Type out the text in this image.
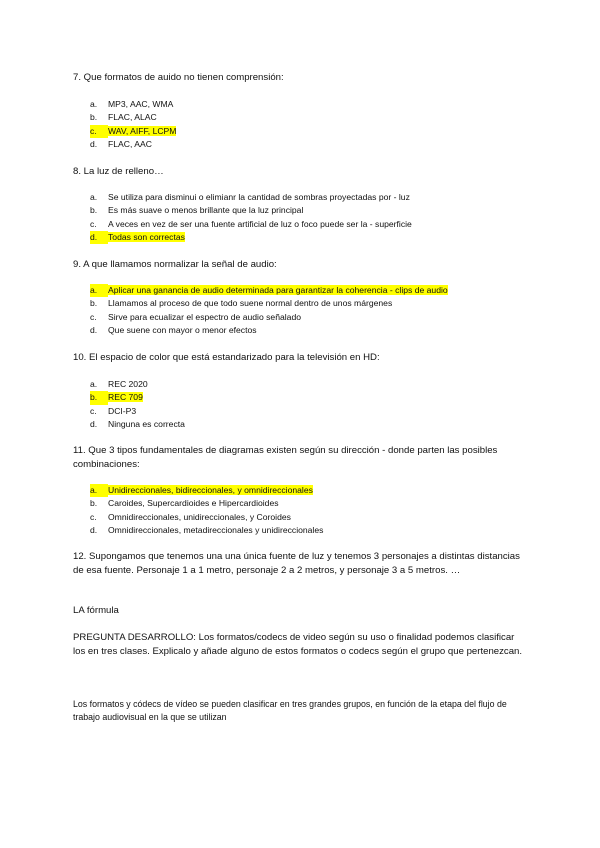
7. Que formatos de auido no tienen comprensión:
a. MP3, AAC, WMA
b. FLAC, ALAC
c. WAV, AIFF, LCPM
d. FLAC, AAC
8. La luz de relleno…
a. Se utiliza para disminui o elimianr la cantidad de sombras proyectadas por - luz
b. Es más suave o menos brillante que la luz principal
c. A veces en vez de ser una fuente artificial de luz o foco puede ser la - superficie
d. Todas son correctas
9. A que llamamos normalizar la señal de audio:
a. Aplicar una ganancia de audio determinada para garantizar la coherencia - clips de audio
b. Llamamos al proceso de que todo suene normal dentro de unos márgenes
c. Sirve para ecualizar el espectro de audio señalado
d. Que suene con mayor o menor efectos
10. El espacio de color que está estandarizado para la televisión en HD:
a. REC 2020
b. REC 709
c. DCI-P3
d. Ninguna es correcta
11. Que 3 tipos fundamentales de diagramas existen según su dirección - donde parten las posibles combinaciones:
a. Unidireccionales, bidireccionales, y omnidireccionales
b. Caroides, Supercardioides e Hipercardioides
c. Omnidireccionales, unidireccionales, y Coroides
d. Omnidireccionales, metadireccionales y unidireccionales
12. Supongamos que tenemos una una única fuente de luz y tenemos 3 personajes a distintas distancias de esa fuente. Personaje 1 a 1 metro, personaje 2 a 2 metros, y personaje 3 a 5 metros. …
LA fórmula
PREGUNTA DESARROLLO: Los formatos/codecs de video según su uso o finalidad podemos clasificar los en tres clases. Explicalo y añade alguno de estos formatos o codecs según el grupo que pertenezcan.
Los formatos y códecs de vídeo se pueden clasificar en tres grandes grupos, en función de la etapa del flujo de trabajo audiovisual en la que se utilizan
